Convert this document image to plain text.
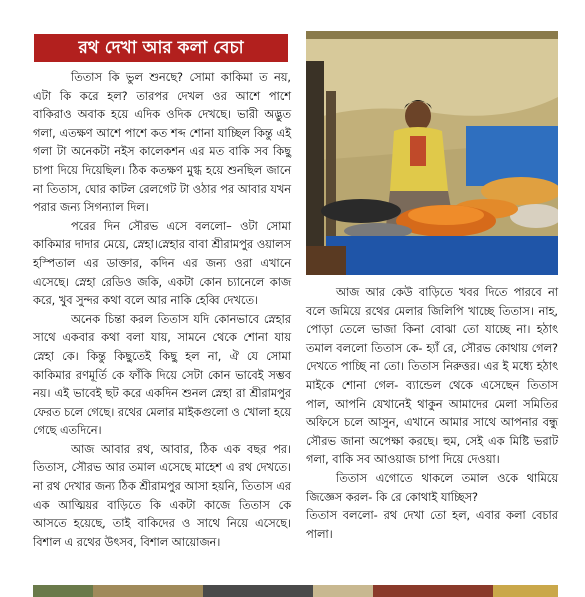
রথ দেখা আর কলা বেচা

তিতাস কি ভুল শুনছে? সোমা কাকিমা ত নয়, এটা কি করে হল? তারপর দেখল ওর আশে পাশে বাকিরাও অবাক হয়ে এদিক ওদিক দেখছে। ভারী অদ্ভুত গলা, এতক্ষণ আশে পাশে কত শব্দ শোনা যাচ্ছিল কিন্তু এই গলা টা অনেকটা নইস কালেকশন এর মত বাকি সব কিছু চাপা দিয়ে দিয়েছিল। ঠিক কতক্ষণ মুগ্ধ হয়ে শুনছিল জানে না তিতাস, ঘোর কাটল রেলগেট টা ওঠার পর আবার যখন পরার জন্য সিগন্যাল দিল।

পরের দিন সৌরভ এসে বললো– ওটা সোমা কাকিমার দাদার মেয়ে, স্নেহা।স্নেহার বাবা শ্রীরামপুর ওয়ালস হস্পিতাল এর ডাক্তার, কদিন এর জন্য ওরা এখানে এসেছে। স্নেহা রেডিও জকি, একটা কোন চ্যানেলে কাজ করে, খুব সুন্দর কথা বলে আর নাকি হেব্বি দেখতে।

অনেক চিন্তা করল তিতাস যদি কোনভাবে স্নেহার সাথে একবার কথা বলা যায়, সামনে থেকে শোনা যায় স্নেহা কে। কিন্তু কিছুতেই কিছু হল না, ঐ যে সোমা কাকিমার রণমূর্তি কে ফাঁকি দিয়ে সেটা কোন ভাবেই সম্ভব নয়। এই ভাবেই ছট করে একদিন শুনল স্নেহা রা শ্রীরামপুর ফেরত চলে গেছে। রথের মেলার মাইকগুলো ও খোলা হয়ে গেছে এতদিনে।

আজ আবার রথ, আবার, ঠিক এক বছর পর। তিতাস, সৌরভ আর তমাল এসেছে মাহেশ এ রথ দেখতে। না রথ দেখার জন্য ঠিক শ্রীরামপুর আসা হয়নি, তিতাস এর এক আত্মিয়র বাড়িতে কি একটা কাজে তিতাস কে আসতে হয়েছে, তাই বাকিদের ও সাথে নিয়ে এসেছে। বিশাল এ রথের উৎসব, বিশাল আয়োজন।

আজ আর কেউ বাড়িতে খবর দিতে পারবে না বলে জমিয়ে রথের মেলার জিলিপি খাচ্ছে তিতাস। নাহ, পোড়া তেলে ভাজা কিনা বোঝা তো যাচ্ছে না। হঠাৎ তমাল বললো তিতাস কে- হ্যাঁ রে, সৌরভ কোথায় গেল? দেখতে পাচ্ছি না তো। তিতাস নিরুত্তর। এর ই মধ্যে হঠাৎ মাইকে শোনা গেল- ব্যান্ডেল থেকে এসেছেন তিতাস পাল, আপনি যেখানেই থাকুন আমাদের মেলা সমিতির অফিসে চলে আসুন, এখানে আমার সাথে আপনার বন্ধু সৌরভ জানা অপেক্ষা করছে। হুম, সেই এক মিষ্টি ভরাট গলা, বাকি সব আওয়াজ চাপা দিয়ে দেওয়া।

তিতাস এগোতে থাকলে তমাল ওকে থামিয়ে জিজ্ঞেস করল- কি রে কোথাই যাচ্ছিস?

তিতাস বললো- রথ দেখা তো হল, এবার কলা বেচার পালা।
